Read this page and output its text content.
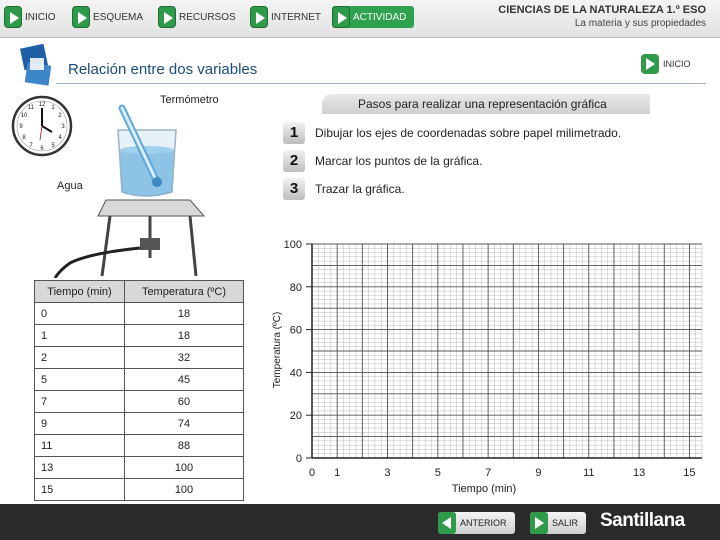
INICIO	ESQUEMA	RECURSOS	INTERNET	ACTIVIDAD
CIENCIAS DE LA NATURALEZA 1.º ESO
La materia y sus propiedades
Relación entre dos variables	INICIO
Termómetro
Agua
12 1
2
3
4
5
6
7
8
9
10
11	Pasos para realizar una representación gráfica
1	Dibujar los ejes de coordenadas sobre papel milimetrado.
2	Marcar los puntos de la gráfica.
3	Trazar la gráfica.
Tiempo (min)	Temperatura (ºC)
0	18
1	18
2	32
5	45
7	60
9	74
11	88
13	100
15	100
0
20
40
60
80
100
0 1	3	5	7	9	11	13	15
Tiempo (min)
Temperatura (ºC)
ANTERIOR	SALIR Santillana
